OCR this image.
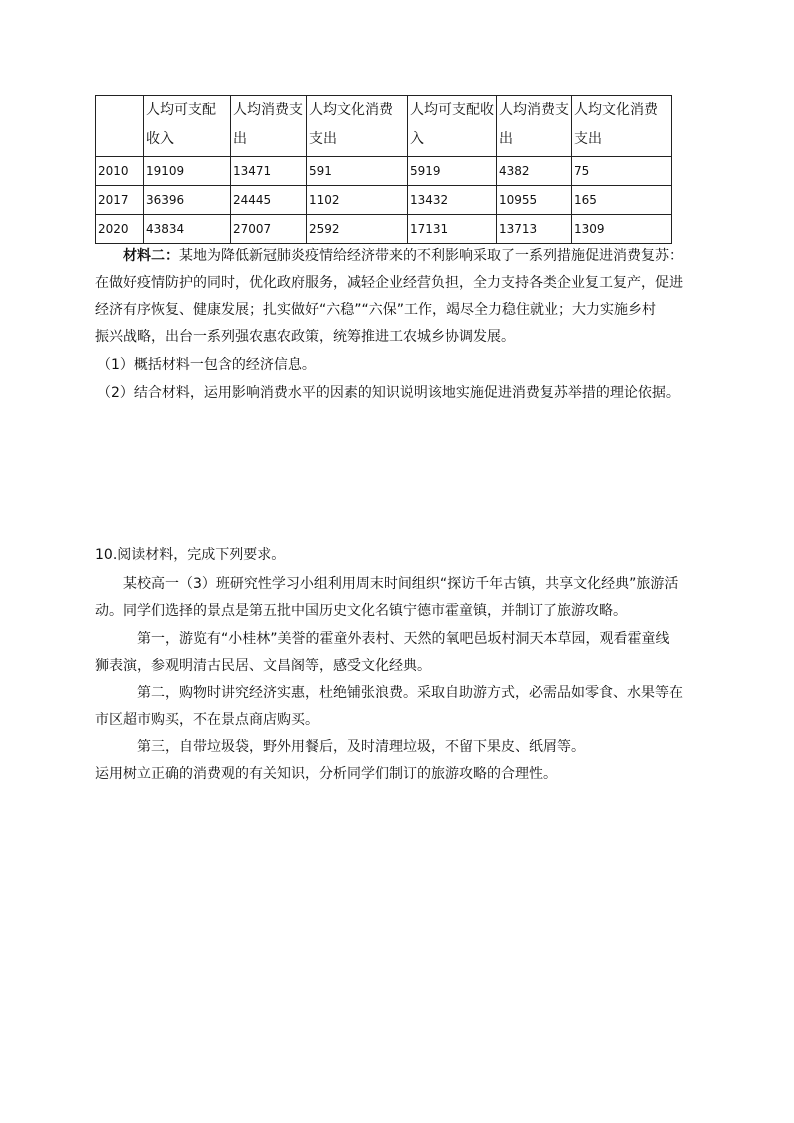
	人均可支配收入	人均消费支出	人均文化消费支出	人均可支配收入	人均消费支出	人均文化消费支出
2010	19109	13471	591	5919	4382	75
2017	36396	24445	1102	13432	10955	165
2020	43834	27007	2592	17131	13713	1309
材料二：某地为降低新冠肺炎疫情给经济带来的不利影响采取了一系列措施促进消费复苏：
在做好疫情防护的同时，优化政府服务，减轻企业经营负担，全力支持各类企业复工复产，促进
经济有序恢复、健康发展；扎实做好“六稳”“六保”工作，竭尽全力稳住就业；大力实施乡村
振兴战略，出台一系列强农惠农政策，统筹推进工农城乡协调发展。
（1）概括材料一包含的经济信息。
（2）结合材料，运用影响消费水平的因素的知识说明该地实施促进消费复苏举措的理论依据。
10.阅读材料，完成下列要求。
某校高一（3）班研究性学习小组利用周末时间组织“探访千年古镇，共享文化经典”旅游活
动。同学们选择的景点是第五批中国历史文化名镇宁德市霍童镇，并制订了旅游攻略。
第一，游览有“小桂林”美誉的霍童外表村、天然的氧吧邑坂村洞天本草园，观看霍童线
狮表演，参观明清古民居、文昌阁等，感受文化经典。
第二，购物时讲究经济实惠，杜绝铺张浪费。采取自助游方式，必需品如零食、水果等在
市区超市购买，不在景点商店购买。
第三，自带垃圾袋，野外用餐后，及时清理垃圾，不留下果皮、纸屑等。
运用树立正确的消费观的有关知识，分析同学们制订的旅游攻略的合理性。
